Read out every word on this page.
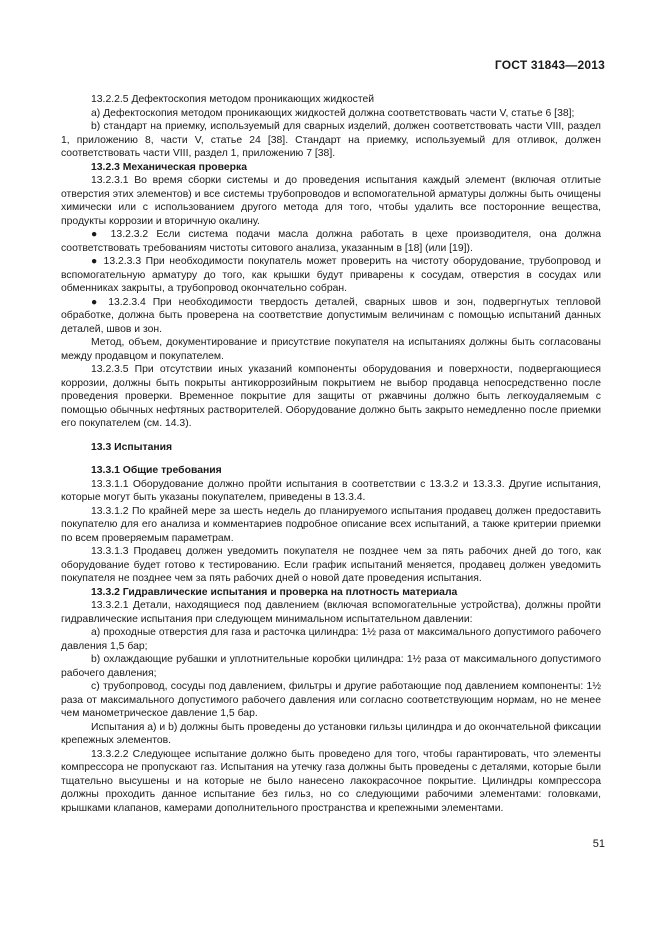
ГОСТ 31843—2013

13.2.2.5 Дефектоскопия методом проникающих жидкостей

а) Дефектоскопия методом проникающих жидкостей должна соответствовать части V, статье 6 [38];

b) стандарт на приемку, используемый для сварных изделий, должен соответствовать части VIII, раздел 1, приложению 8, части V, статье 24 [38]. Стандарт на приемку, используемый для отливок, должен соответствовать части VIII, раздел 1, приложению 7 [38].

13.2.3 Механическая проверка

13.2.3.1 Во время сборки системы и до проведения испытания каждый элемент (включая отлитые отверстия этих элементов) и все системы трубопроводов и вспомогательной арматуры должны быть очищены химически или с использованием другого метода для того, чтобы удалить все посторонние вещества, продукты коррозии и вторичную окалину.

● 13.2.3.2 Если система подачи масла должна работать в цехе производителя, она должна соответствовать требованиям чистоты ситового анализа, указанным в [18] (или [19]).

● 13.2.3.3 При необходимости покупатель может проверить на чистоту оборудование, трубопровод и вспомогательную арматуру до того, как крышки будут приварены к сосудам, отверстия в сосудах или обменниках закрыты, а трубопровод окончательно собран.

● 13.2.3.4 При необходимости твердость деталей, сварных швов и зон, подвергнутых тепловой обработке, должна быть проверена на соответствие допустимым величинам с помощью испытаний данных деталей, швов и зон.

Метод, объем, документирование и присутствие покупателя на испытаниях должны быть согласованы между продавцом и покупателем.

13.2.3.5 При отсутствии иных указаний компоненты оборудования и поверхности, подвергающиеся коррозии, должны быть покрыты антикоррозийным покрытием не выбор продавца непосредственно после проведения проверки. Временное покрытие для защиты от ржавчины должно быть легкоудаляемым с помощью обычных нефтяных растворителей. Оборудование должно быть закрыто немедленно после приемки его покупателем (см. 14.3).

13.3 Испытания

13.3.1 Общие требования

13.3.1.1 Оборудование должно пройти испытания в соответствии с 13.3.2 и 13.3.3. Другие испытания, которые могут быть указаны покупателем, приведены в 13.3.4.

13.3.1.2 По крайней мере за шесть недель до планируемого испытания продавец должен предоставить покупателю для его анализа и комментариев подробное описание всех испытаний, а также критерии приемки по всем проверяемым параметрам.

13.3.1.3 Продавец должен уведомить покупателя не позднее чем за пять рабочих дней до того, как оборудование будет готово к тестированию. Если график испытаний меняется, продавец должен уведомить покупателя не позднее чем за пять рабочих дней о новой дате проведения испытания.

13.3.2 Гидравлические испытания и проверка на плотность материала

13.3.2.1 Детали, находящиеся под давлением (включая вспомогательные устройства), должны пройти гидравлические испытания при следующем минимальном испытательном давлении:

а) проходные отверстия для газа и расточка цилиндра: 1½ раза от максимального допустимого рабочего давления 1,5 бар;

b) охлаждающие рубашки и уплотнительные коробки цилиндра: 1½ раза от максимального допустимого рабочего давления;

с) трубопровод, сосуды под давлением, фильтры и другие работающие под давлением компоненты: 1½ раза от максимального допустимого рабочего давления или согласно соответствующим нормам, но не менее чем манометрическое давление 1,5 бар.

Испытания а) и b) должны быть проведены до установки гильзы цилиндра и до окончательной фиксации крепежных элементов.

13.3.2.2 Следующее испытание должно быть проведено для того, чтобы гарантировать, что элементы компрессора не пропускают газ. Испытания на утечку газа должны быть проведены с деталями, которые были тщательно высушены и на которые не было нанесено лакокрасочное покрытие. Цилиндры компрессора должны проходить данное испытание без гильз, но со следующими рабочими элементами: головками, крышками клапанов, камерами дополнительного пространства и крепежными элементами.

51
